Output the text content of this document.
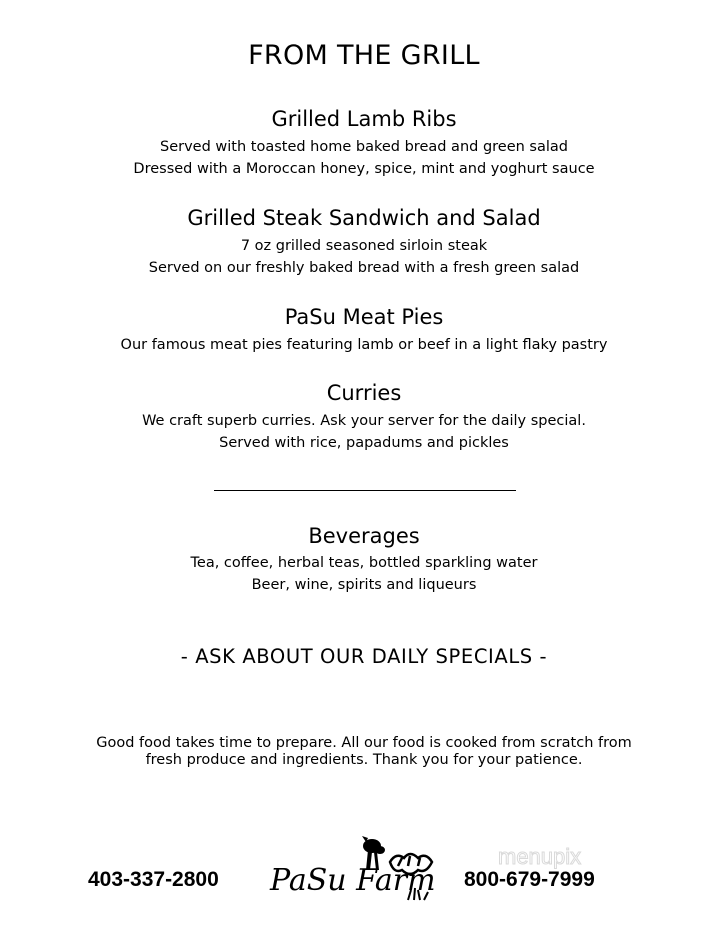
FROM THE GRILL
Grilled Lamb Ribs
Served with toasted home baked bread and green salad
Dressed with a Moroccan honey, spice, mint and yoghurt sauce
Grilled Steak Sandwich and Salad
7 oz grilled seasoned sirloin steak
Served on our freshly baked bread with a fresh green salad
PaSu Meat Pies
Our famous meat pies featuring lamb or beef in a light flaky pastry
Curries
We craft superb curries. Ask your server for the daily special.
Served with rice, papadums and pickles
Beverages
Tea, coffee, herbal teas, bottled sparkling water
Beer, wine, spirits and liqueurs
- ASK ABOUT OUR DAILY SPECIALS -
Good food takes time to prepare. All our food is cooked from scratch from
fresh produce and ingredients. Thank you for your patience.
403-337-2800 PaSu Farm 800-679-7999
menupix
